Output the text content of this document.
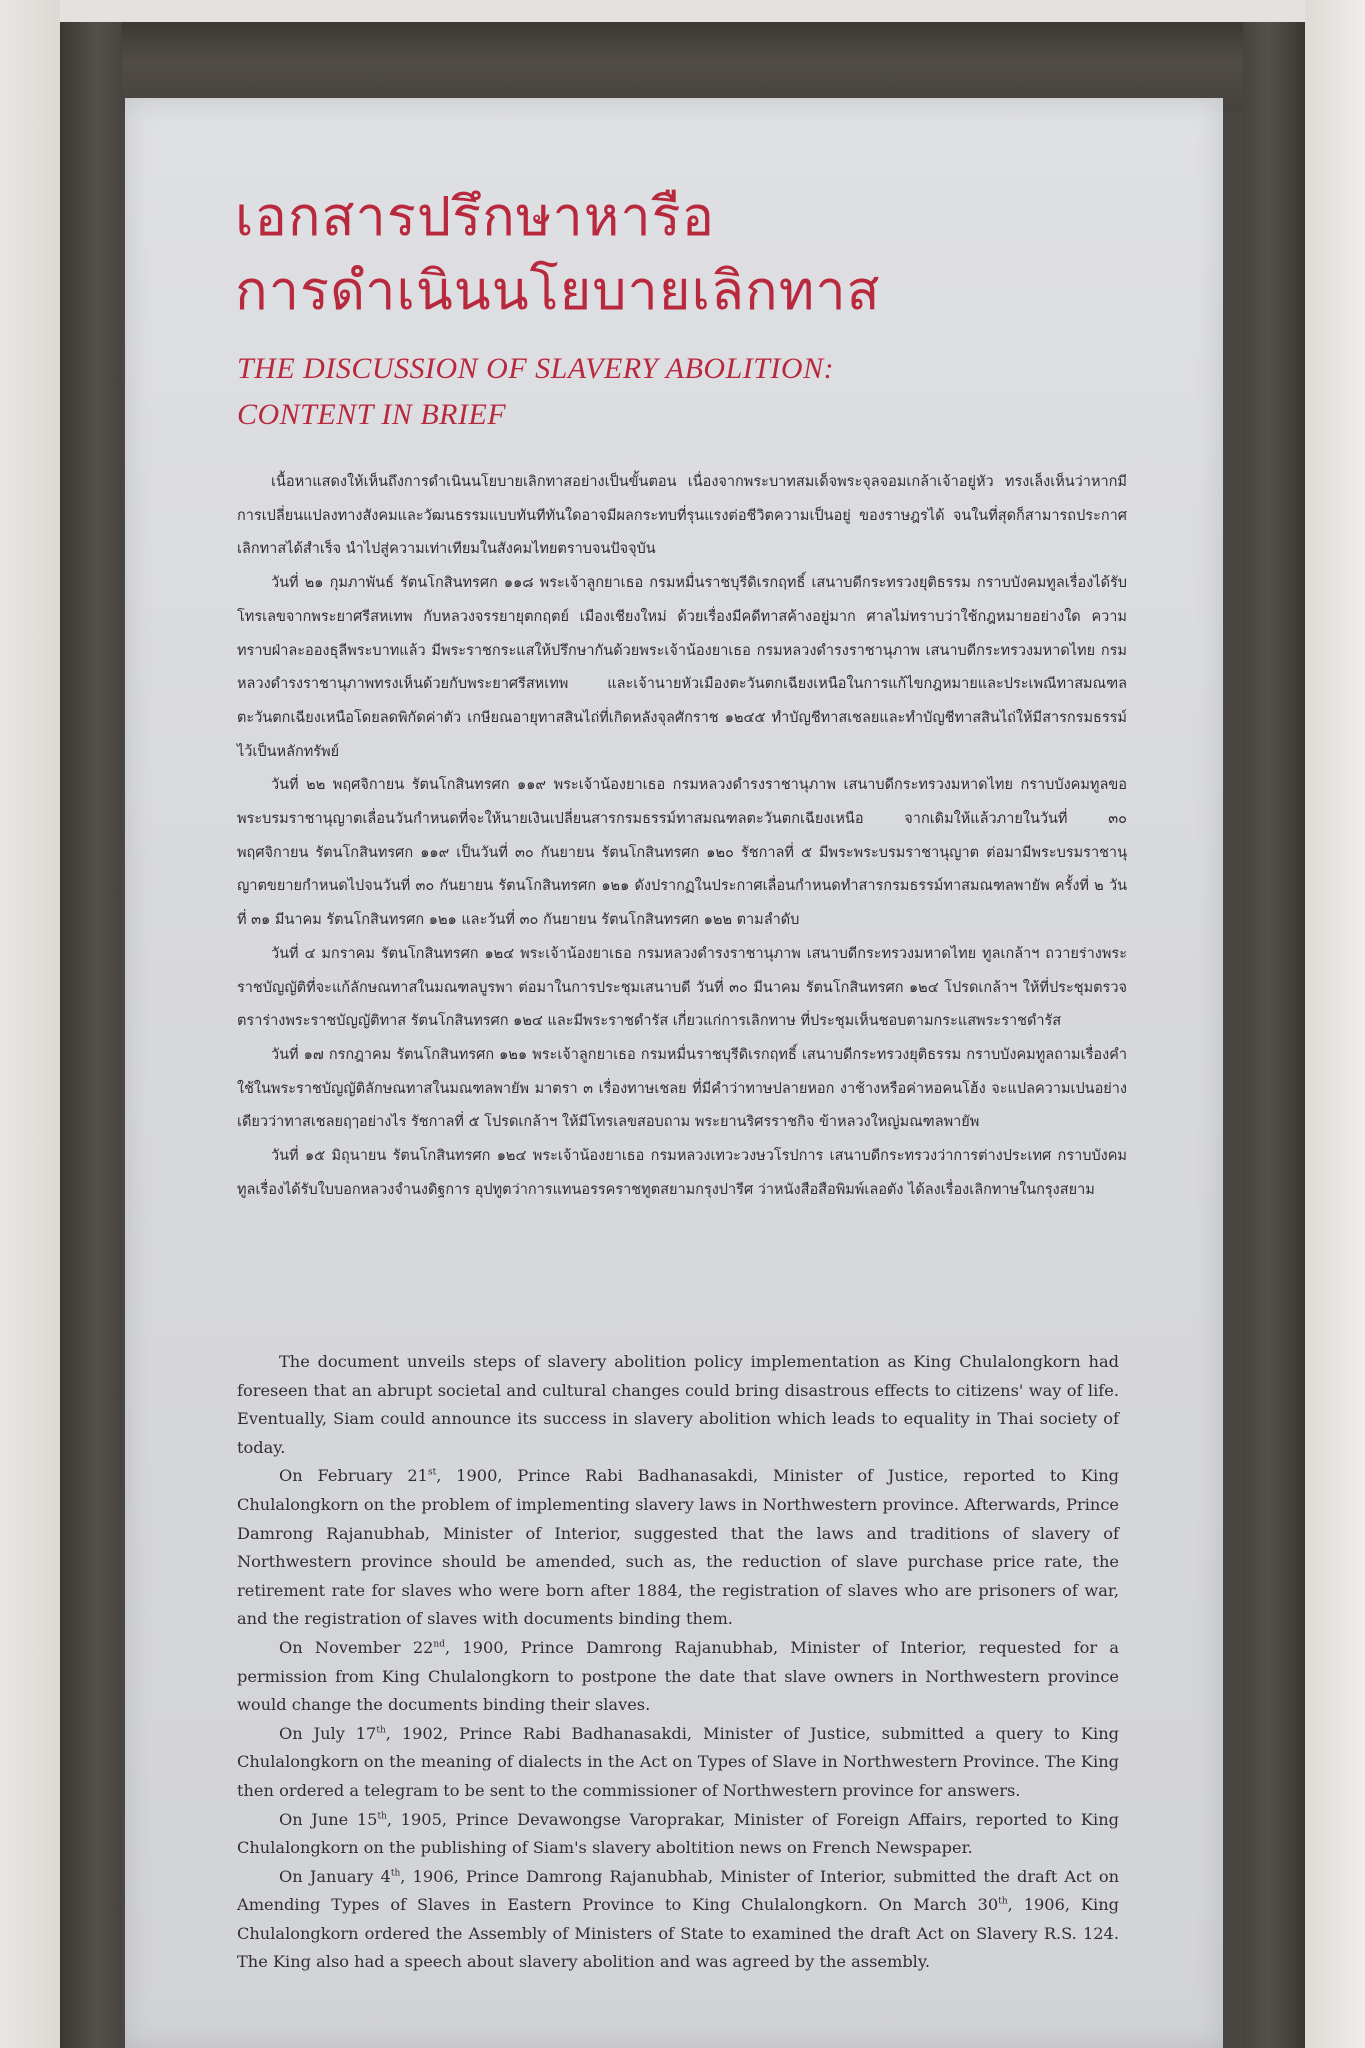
เอกสารปรึกษาหารือ
การดำเนินนโยบายเลิกทาส
THE DISCUSSION OF SLAVERY ABOLITION:
CONTENT IN BRIEF

เนื้อหาแสดงให้เห็นถึงการดำเนินนโยบายเลิกทาสอย่างเป็นขั้นตอน เนื่องจากพระบาทสมเด็จพระจุลจอมเกล้าเจ้าอยู่หัว ทรงเล็งเห็นว่าหากมีการเปลี่ยนแปลงทางสังคมและวัฒนธรรมแบบทันทีทันใดอาจมีผลกระทบที่รุนแรงต่อชีวิตความเป็นอยู่ ของราษฎรได้ จนในที่สุดก็สามารถประกาศเลิกทาสได้สำเร็จ นำไปสู่ความเท่าเทียมในสังคมไทยตราบจนปัจจุบัน

วันที่ ๒๑ กุมภาพันธ์ รัตนโกสินทรศก ๑๑๘ พระเจ้าลูกยาเธอ กรมหมื่นราชบุรีดิเรกฤทธิ์ เสนาบดีกระทรวงยุติธรรม กราบบังคมทูลเรื่องได้รับโทรเลขจากพระยาศรีสหเทพ กับหลวงจรรยายุตกฤตย์ เมืองเชียงใหม่ ด้วยเรื่องมีคดีทาสค้างอยู่มาก ศาลไม่ทราบว่าใช้กฎหมายอย่างใด ความทราบฝ่าละอองธุลีพระบาทแล้ว มีพระราชกระแสให้ปรึกษากันด้วยพระเจ้าน้องยาเธอ กรมหลวงดำรงราชานุภาพ เสนาบดีกระทรวงมหาดไทย กรมหลวงดำรงราชานุภาพทรงเห็นด้วยกับพระยาศรีสหเทพ และเจ้านายหัวเมืองตะวันตกเฉียงเหนือในการแก้ไขกฎหมายและประเพณีทาสมณฑลตะวันตกเฉียงเหนือโดยลดพิกัดค่าตัว เกษียณอายุทาสสินไถ่ที่เกิดหลังจุลศักราช ๑๒๔๕ ทำบัญชีทาสเชลยและทำบัญชีทาสสินไถ่ให้มีสารกรมธรรม์ไว้เป็นหลักทรัพย์

วันที่ ๒๒ พฤศจิกายน รัตนโกสินทรศก ๑๑๙ พระเจ้าน้องยาเธอ กรมหลวงดำรงราชานุภาพ เสนาบดีกระทรวงมหาดไทย กราบบังคมทูลขอพระบรมราชานุญาตเลื่อนวันกำหนดที่จะให้นายเงินเปลี่ยนสารกรมธรรม์ทาสมณฑลตะวันตกเฉียงเหนือ จากเดิมให้แล้วภายในวันที่ ๓๐ พฤศจิกายน รัตนโกสินทรศก ๑๑๙ เป็นวันที่ ๓๐ กันยายน รัตนโกสินทรศก ๑๒๐ รัชกาลที่ ๕ มีพระพระบรมราชานุญาต ต่อมามีพระบรมราชานุญาตขยายกำหนดไปจนวันที่ ๓๐ กันยายน รัตนโกสินทรศก ๑๒๑ ดังปรากฏในประกาศเลื่อนกำหนดทำสารกรมธรรม์ทาสมณฑลพายัพ ครั้งที่ ๒ วันที่ ๓๑ มีนาคม รัตนโกสินทรศก ๑๒๑ และวันที่ ๓๐ กันยายน รัตนโกสินทรศก ๑๒๒ ตามลำดับ

วันที่ ๔ มกราคม รัตนโกสินทรศก ๑๒๔ พระเจ้าน้องยาเธอ กรมหลวงดำรงราชานุภาพ เสนาบดีกระทรวงมหาดไทย ทูลเกล้าฯ ถวายร่างพระราชบัญญัติที่จะแก้ลักษณทาสในมณฑลบูรพา ต่อมาในการประชุมเสนาบดี วันที่ ๓๐ มีนาคม รัตนโกสินทรศก ๑๒๔ โปรดเกล้าฯ ให้ที่ประชุมตรวจตราร่างพระราชบัญญัติทาส รัตนโกสินทรศก ๑๒๔ และมีพระราชดำรัส เกี่ยวแก่การเลิกทาษ ที่ประชุมเห็นชอบตามกระแสพระราชดำรัส

วันที่ ๑๗ กรกฎาคม รัตนโกสินทรศก ๑๒๑ พระเจ้าลูกยาเธอ กรมหมื่นราชบุรีดิเรกฤทธิ์ เสนาบดีกระทรวงยุติธรรม กราบบังคมทูลถามเรื่องคำใช้ในพระราชบัญญัติลักษณทาสในมณฑลพายัพ มาตรา ๓ เรื่องทาษเชลย ที่มีคำว่าทาษปลายหอก งาช้างหรือค่าหอคนโฮ้ง จะแปลความเปนอย่างเดียวว่าทาสเชลยฤๅอย่างไร รัชกาลที่ ๕ โปรดเกล้าฯ ให้มีโทรเลขสอบถาม พระยานริศรราชกิจ ข้าหลวงใหญ่มณฑลพายัพ

วันที่ ๑๕ มิถุนายน รัตนโกสินทรศก ๑๒๔ พระเจ้าน้องยาเธอ กรมหลวงเทวะวงษวโรปการ เสนาบดีกระทรวงว่าการต่างประเทศ กราบบังคมทูลเรื่องได้รับใบบอกหลวงจำนงดิฐการ อุปทูตว่าการแทนอรรคราชทูตสยามกรุงปารีศ ว่าหนังสือสือพิมพ์เลอตัง ได้ลงเรื่องเลิกทาษในกรุงสยาม

The document unveils steps of slavery abolition policy implementation as King Chulalongkorn had foreseen that an abrupt societal and cultural changes could bring disastrous effects to citizens' way of life. Eventually, Siam could announce its success in slavery abolition which leads to equality in Thai society of today.

On February 21st, 1900, Prince Rabi Badhanasakdi, Minister of Justice, reported to King Chulalongkorn on the problem of implementing slavery laws in Northwestern province. Afterwards, Prince Damrong Rajanubhab, Minister of Interior, suggested that the laws and traditions of slavery of Northwestern province should be amended, such as, the reduction of slave purchase price rate, the retirement rate for slaves who were born after 1884, the registration of slaves who are prisoners of war, and the registration of slaves with documents binding them.

On November 22nd, 1900, Prince Damrong Rajanubhab, Minister of Interior, requested for a permission from King Chulalongkorn to postpone the date that slave owners in Northwestern province would change the documents binding their slaves.

On July 17th, 1902, Prince Rabi Badhanasakdi, Minister of Justice, submitted a query to King Chulalongkorn on the meaning of dialects in the Act on Types of Slave in Northwestern Province. The King then ordered a telegram to be sent to the commissioner of Northwestern province for answers.

On June 15th, 1905, Prince Devawongse Varoprakar, Minister of Foreign Affairs, reported to King Chulalongkorn on the publishing of Siam's slavery aboltition news on French Newspaper.

On January 4th, 1906, Prince Damrong Rajanubhab, Minister of Interior, submitted the draft Act on Amending Types of Slaves in Eastern Province to King Chulalongkorn. On March 30th, 1906, King Chulalongkorn ordered the Assembly of Ministers of State to examined the draft Act on Slavery R.S. 124. The King also had a speech about slavery abolition and was agreed by the assembly.
